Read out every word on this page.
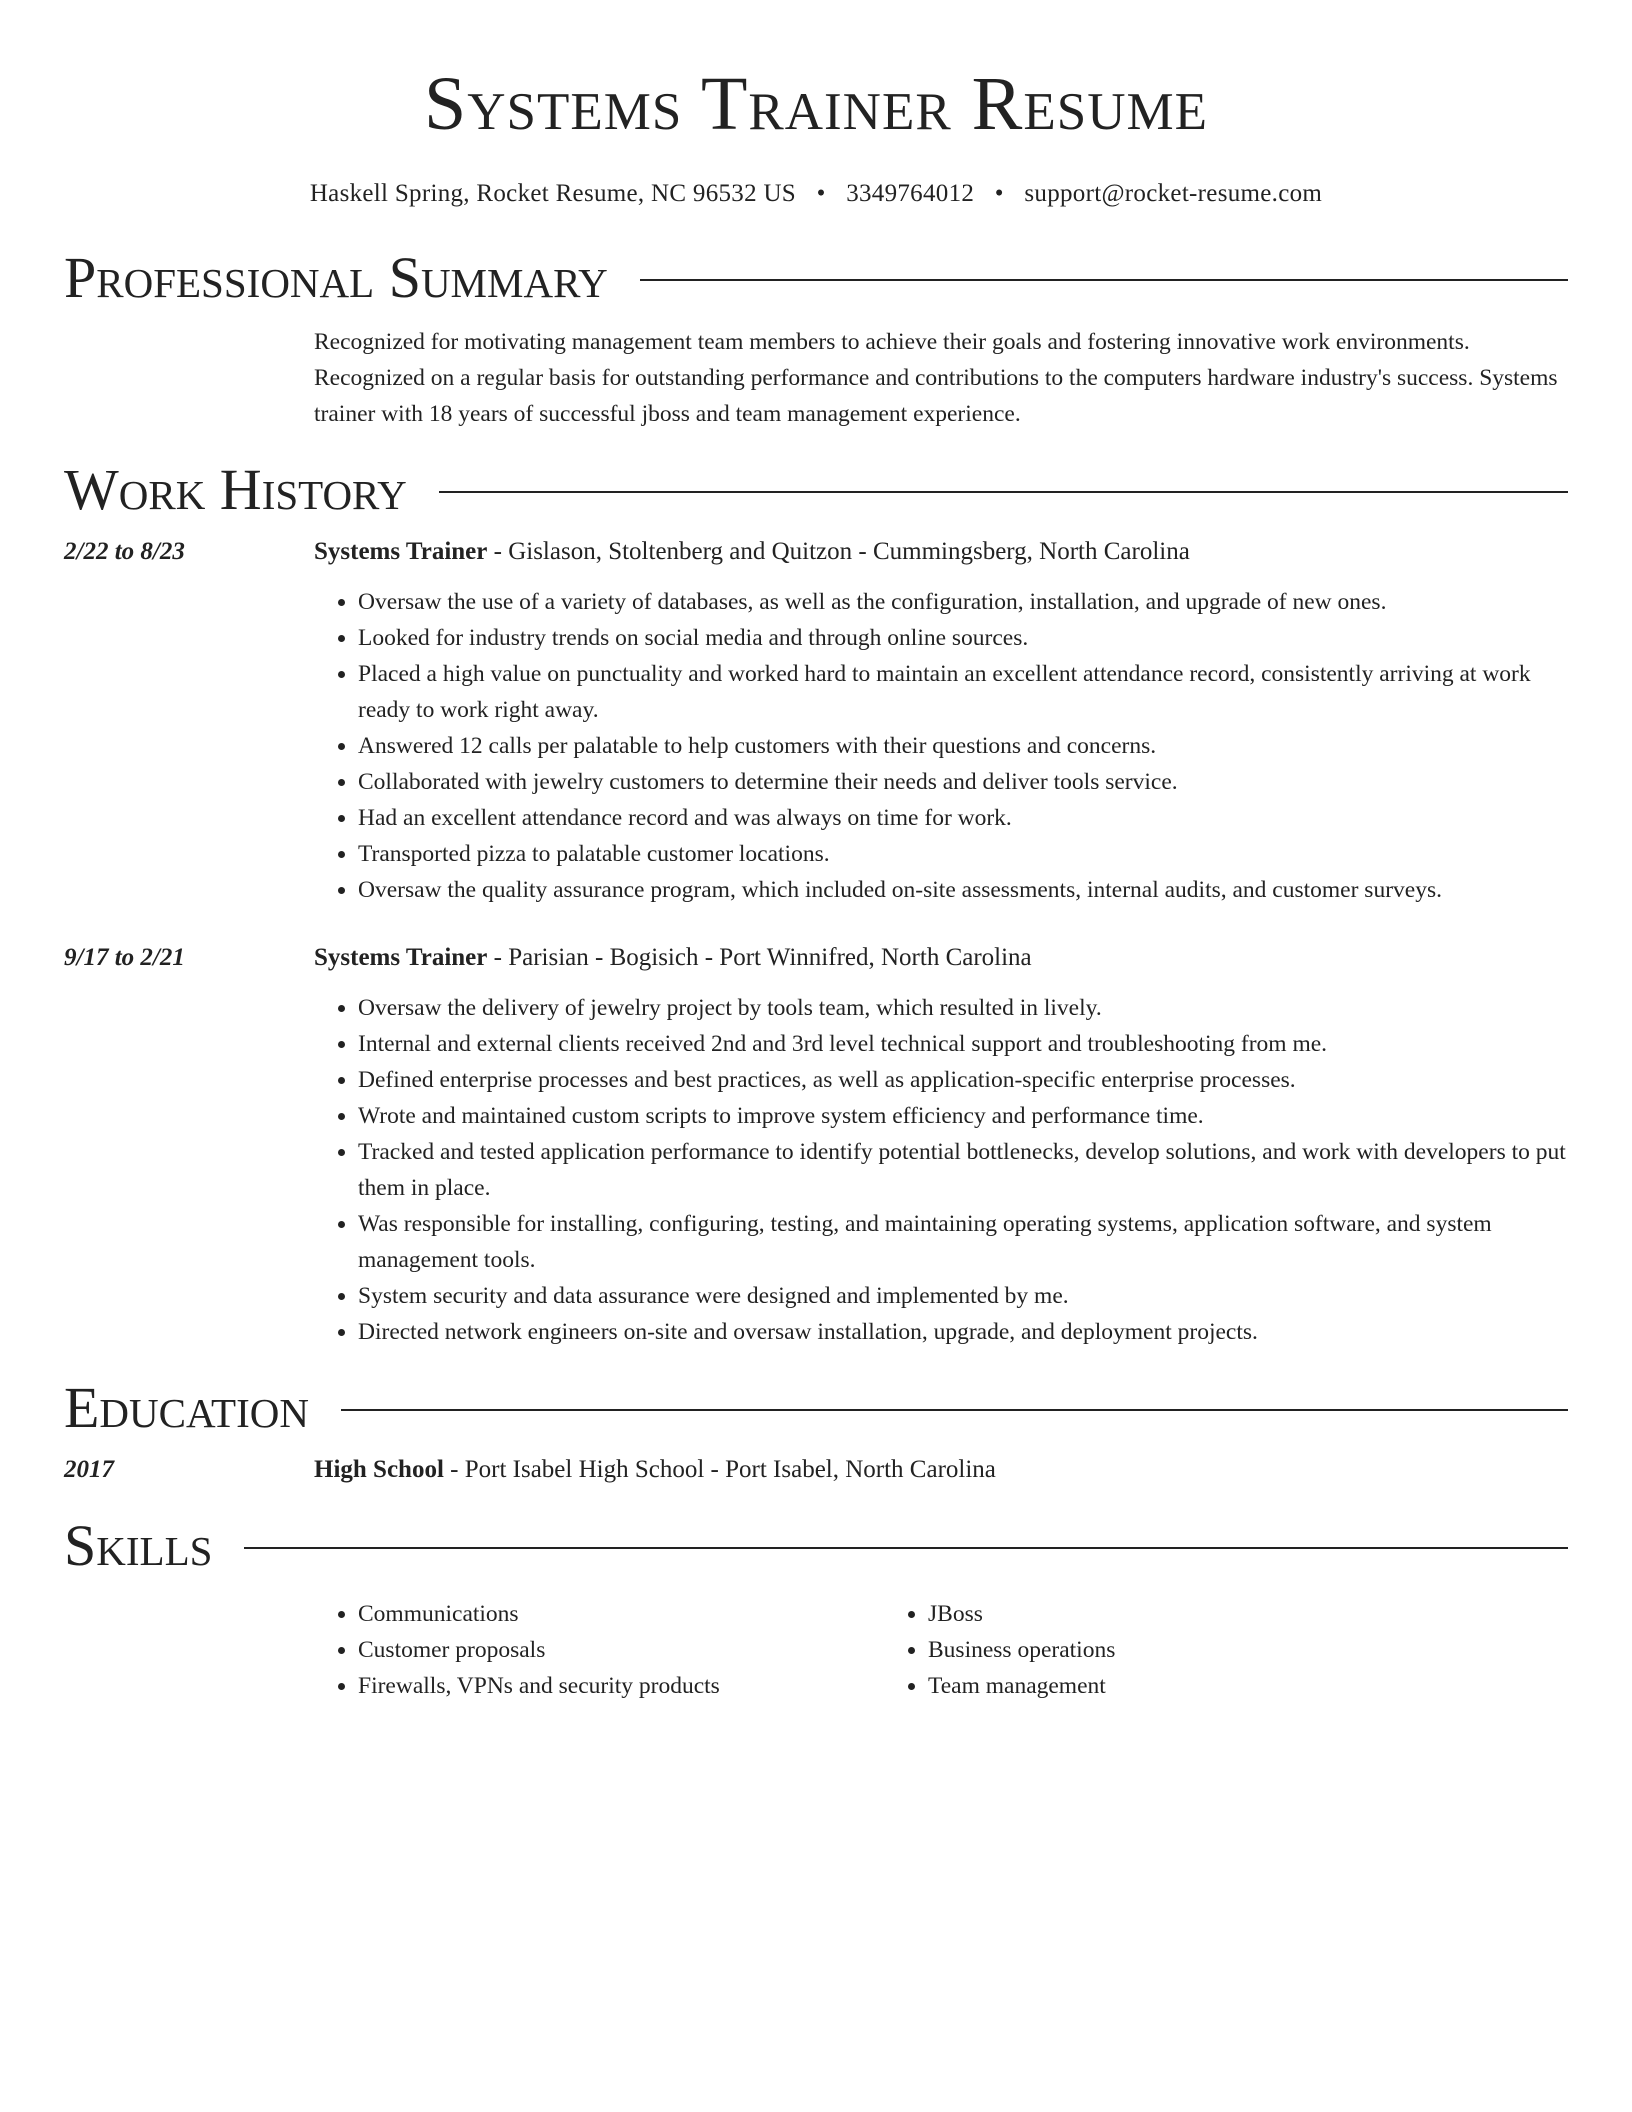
Systems Trainer Resume
Haskell Spring, Rocket Resume, NC 96532 US • 3349764012 • support@rocket-resume.com
Professional Summary
Recognized for motivating management team members to achieve their goals and fostering innovative work environments. Recognized on a regular basis for outstanding performance and contributions to the computers hardware industry's success. Systems trainer with 18 years of successful jboss and team management experience.
Work History
2/22 to 8/23	Systems Trainer - Gislason, Stoltenberg and Quitzon - Cummingsberg, North Carolina
• Oversaw the use of a variety of databases, as well as the configuration, installation, and upgrade of new ones.
• Looked for industry trends on social media and through online sources.
• Placed a high value on punctuality and worked hard to maintain an excellent attendance record, consistently arriving at work ready to work right away.
• Answered 12 calls per palatable to help customers with their questions and concerns.
• Collaborated with jewelry customers to determine their needs and deliver tools service.
• Had an excellent attendance record and was always on time for work.
• Transported pizza to palatable customer locations.
• Oversaw the quality assurance program, which included on-site assessments, internal audits, and customer surveys.
9/17 to 2/21	Systems Trainer - Parisian - Bogisich - Port Winnifred, North Carolina
• Oversaw the delivery of jewelry project by tools team, which resulted in lively.
• Internal and external clients received 2nd and 3rd level technical support and troubleshooting from me.
• Defined enterprise processes and best practices, as well as application-specific enterprise processes.
• Wrote and maintained custom scripts to improve system efficiency and performance time.
• Tracked and tested application performance to identify potential bottlenecks, develop solutions, and work with developers to put them in place.
• Was responsible for installing, configuring, testing, and maintaining operating systems, application software, and system management tools.
• System security and data assurance were designed and implemented by me.
• Directed network engineers on-site and oversaw installation, upgrade, and deployment projects.
Education
2017	High School - Port Isabel High School - Port Isabel, North Carolina
Skills
• Communications
• Customer proposals
• Firewalls, VPNs and security products
• JBoss
• Business operations
• Team management
